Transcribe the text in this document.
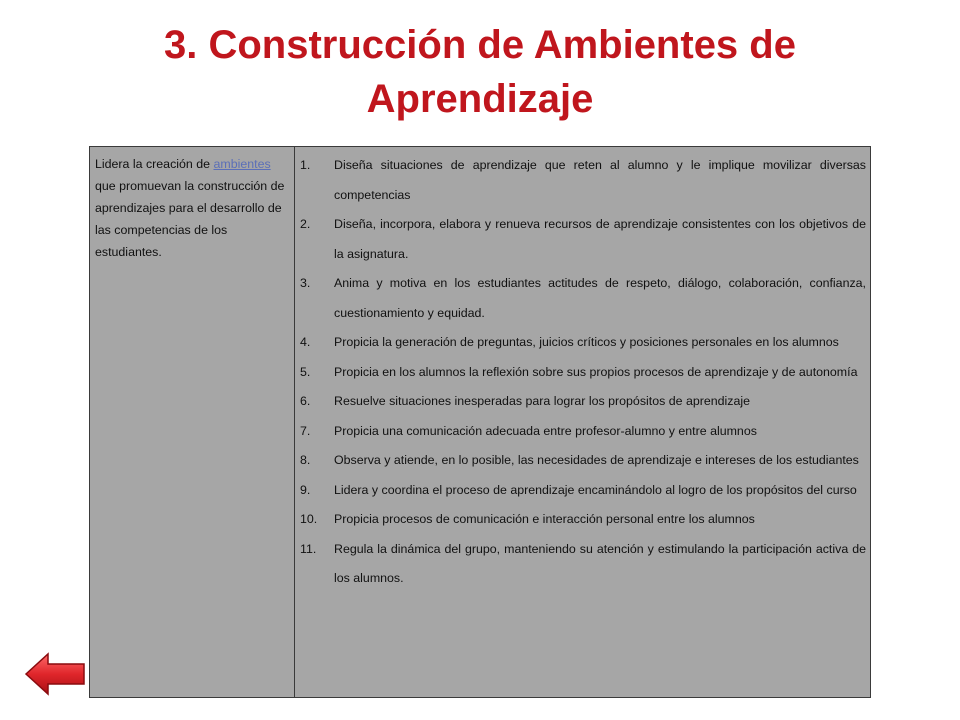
3. Construcción de Ambientes de
Aprendizaje
Lidera la creación de ambientes que promuevan la construcción de aprendizajes para el desarrollo de las competencias de los estudiantes.
1.	Diseña situaciones de aprendizaje que reten al alumno y le implique movilizar diversas competencias
2.	Diseña, incorpora, elabora y renueva recursos de aprendizaje consistentes con los objetivos de la asignatura.
3.	Anima y motiva en los estudiantes actitudes de respeto, diálogo, colaboración, confianza, cuestionamiento y equidad.
4.	Propicia la generación de preguntas, juicios críticos y posiciones personales en los alumnos
5.	Propicia en los alumnos la reflexión sobre sus propios procesos de aprendizaje y de autonomía
6.	Resuelve situaciones inesperadas para lograr los propósitos de aprendizaje
7.	Propicia una comunicación adecuada entre profesor-alumno y entre alumnos
8.	Observa y atiende, en lo posible, las necesidades de aprendizaje e intereses de los estudiantes
9.	Lidera y coordina el proceso de aprendizaje encaminándolo al logro de los propósitos del curso
10.	Propicia procesos de comunicación e interacción personal entre los alumnos
11.	Regula la dinámica del grupo, manteniendo su atención y estimulando la participación activa de los alumnos.
